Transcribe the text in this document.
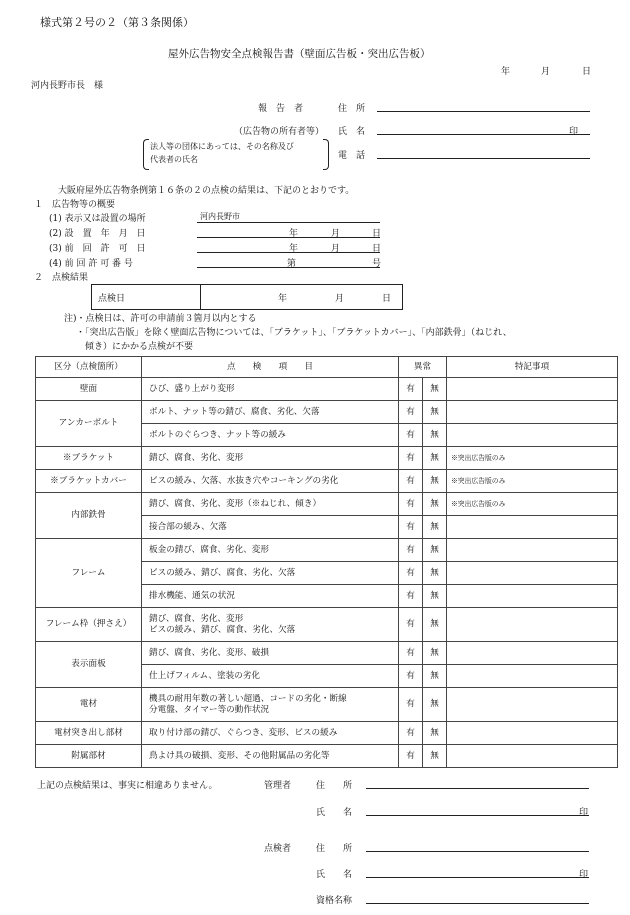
様式第２号の２（第３条関係）
屋外広告物安全点検報告書（壁面広告板・突出広告板）
年	月	日
河内長野市長　様
報　告　者	住　所
（広告物の所有者等） 氏　名	印
法人等の団体にあっては、その名称及び
代表者の氏名	電　話
大阪府屋外広告物条例第１６条の２の点検の結果は、下記のとおりです。
１　広告物等の概要
(1) 表示又は設置の場所	河内長野市
(2) 設　置　年　月　日	年	月	日
(3) 前　回　許　可　日	年	月	日
(4) 前 回 許 可 番 号	第	号
２　点検結果
点検日	年	月	日
注)・点検日は、許可の申請前３箇月以内とする
・「突出広告版」を除く壁面広告物については、「ブラケット」、「ブラケットカバー」、「内部鉄骨」（ねじれ、
傾き）にかかる点検が不要
区分（点検箇所）	点　　検　　項　　目	異常		特記事項
壁面	ひび、盛り上がり変形	有	無	
アンカーボルト	ボルト、ナット等の錆び、腐食、劣化、欠落	有	無	

	ボルトのぐらつき、ナット等の緩み	有	無	
※ブラケット	錆び、腐食、劣化、変形	有	無	※突出広告版のみ
※ブラケットカバー	ビスの緩み、欠落、水抜き穴やコーキングの劣化	有	無	※突出広告版のみ
内部鉄骨	錆び、腐食、劣化、変形（※ねじれ、傾き）	有	無	※突出広告版のみ

	接合部の緩み、欠落	有	無	
フレーム	板金の錆び、腐食、劣化、変形	有	無	

	ビスの緩み、錆び、腐食、劣化、欠落	有	無	

	排水機能、通気の状況	有	無	
フレーム枠（押さえ）	錆び、腐食、劣化、変形
ビスの緩み、錆び、腐食、劣化、欠落	有	無	
表示面板	錆び、腐食、劣化、変形、破損	有	無	

	仕上げフィルム、塗装の劣化	有	無	
電材	機具の耐用年数の著しい超過、コードの劣化・断線
分電盤、タイマー等の動作状況	有	無	
電材突き出し部材	取り付け部の錆び、ぐらつき、変形、ビスの緩み	有	無	
附属部材	鳥よけ具の破損、変形、その他附属品の劣化等	有	無	
上記の点検結果は、事実に相違ありません。	管理者	住　　所
氏　　名	印
点検者	住　　所
氏　　名	印
資格名称
